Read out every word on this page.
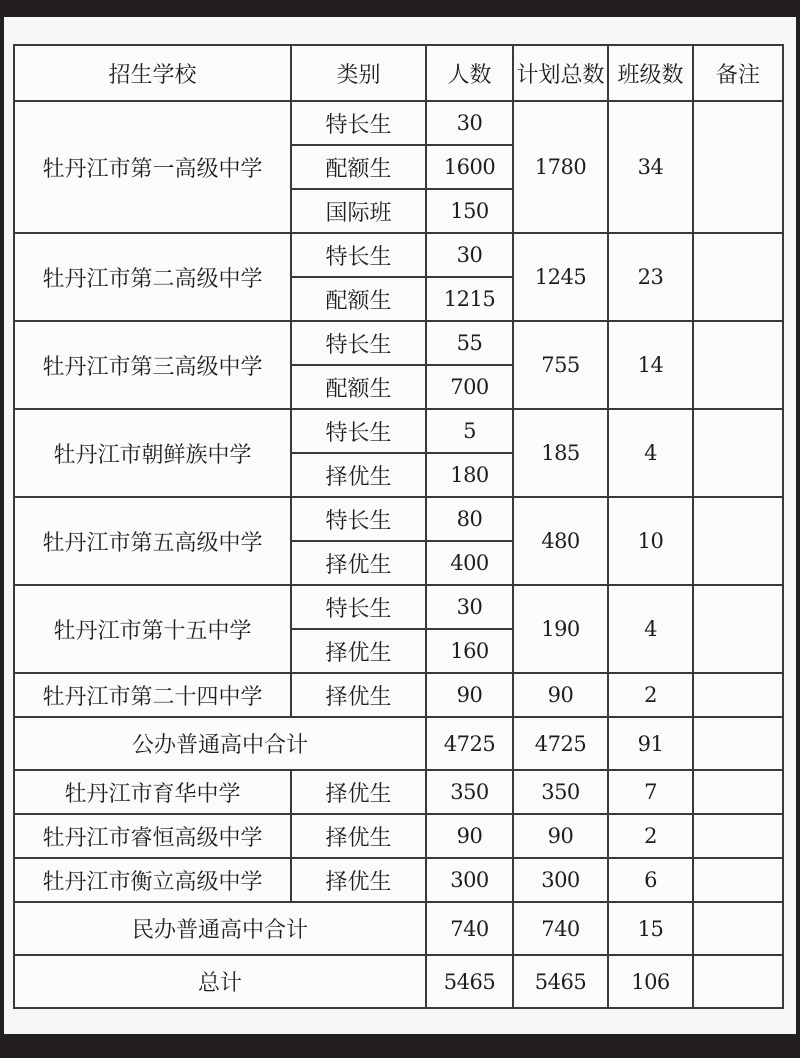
招生学校	类别	人数	计划总数	班级数	备注
牡丹江市第一高级中学	特长生	30	1780	34	
	配额生	1600			
	国际班	150			
牡丹江市第二高级中学	特长生	30	1245	23	
	配额生	1215			
牡丹江市第三高级中学	特长生	55	755	14	
	配额生	700			
牡丹江市朝鲜族中学	特长生	5	185	4	
	择优生	180			
牡丹江市第五高级中学	特长生	80	480	10	
	择优生	400			
牡丹江市第十五中学	特长生	30	190	4	
	择优生	160			
牡丹江市第二十四中学	择优生	90	90	2	
公办普通高中合计		4725	4725	91	
牡丹江市育华中学	择优生	350	350	7	
牡丹江市睿恒高级中学	择优生	90	90	2	
牡丹江市衡立高级中学	择优生	300	300	6	
民办普通高中合计		740	740	15	
总计		5465	5465	106	
